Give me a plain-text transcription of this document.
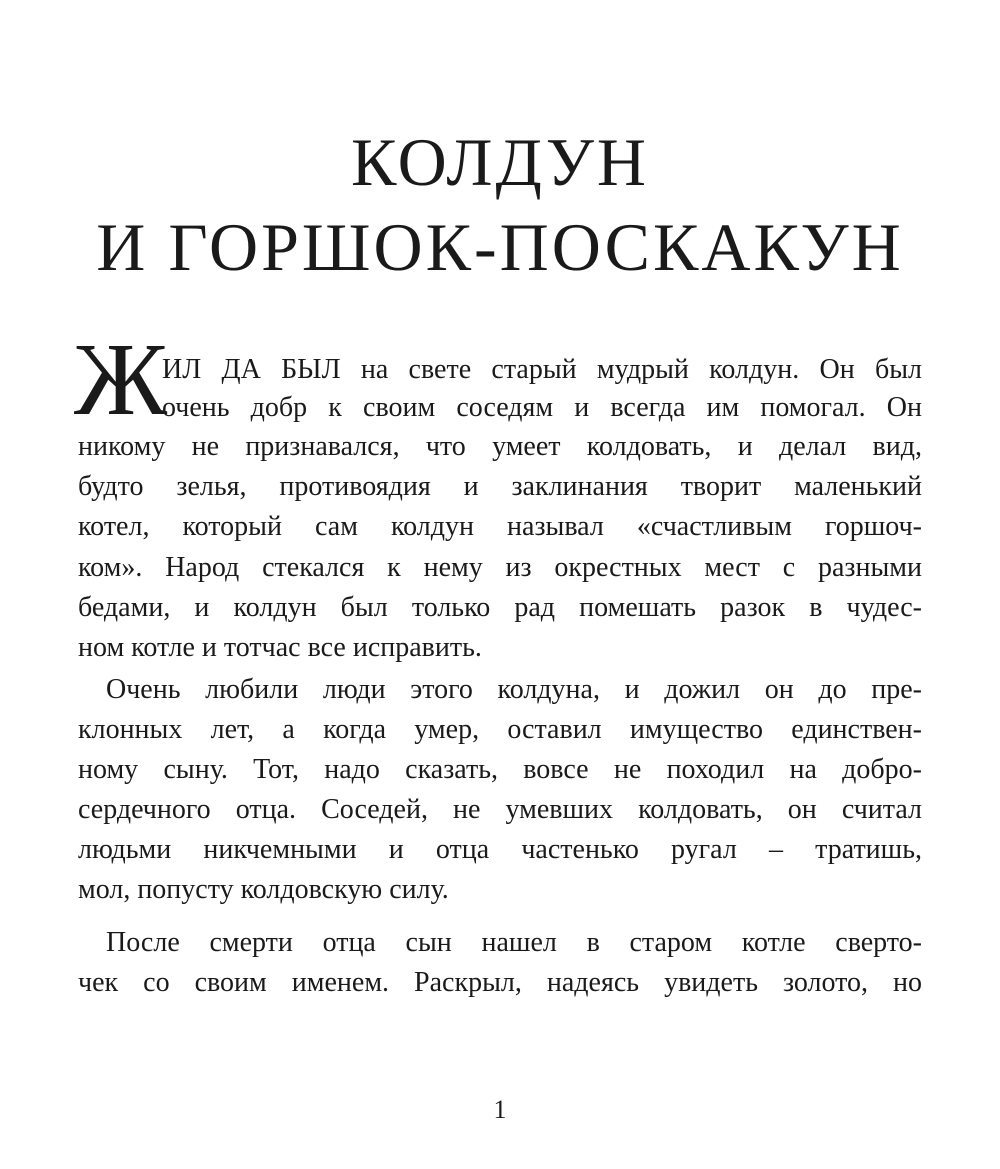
КОЛДУН
И ГОРШОК-ПОСКАКУН
Ж
ИЛ ДА БЫЛ на свете старый мудрый колдун. Он был
очень добр к своим соседям и всегда им помогал. Он
никому не признавался, что умеет колдовать, и делал вид,
будто зелья, противоядия и заклинания творит маленький
котел, который сам колдун называл «счастливым горшоч-
ком». Народ стекался к нему из окрестных мест с разными
бедами, и колдун был только рад помешать разок в чудес-
ном котле и тотчас все исправить.
Очень любили люди этого колдуна, и дожил он до пре-
клонных лет, а когда умер, оставил имущество единствен-
ному сыну. Тот, надо сказать, вовсе не походил на добро-
сердечного отца. Соседей, не умевших колдовать, он считал
людьми никчемными и отца частенько ругал – тратишь,
мол, попусту колдовскую силу.
После смерти отца сын нашел в старом котле сверто-
чек со своим именем. Раскрыл, надеясь увидеть золото, но
1
